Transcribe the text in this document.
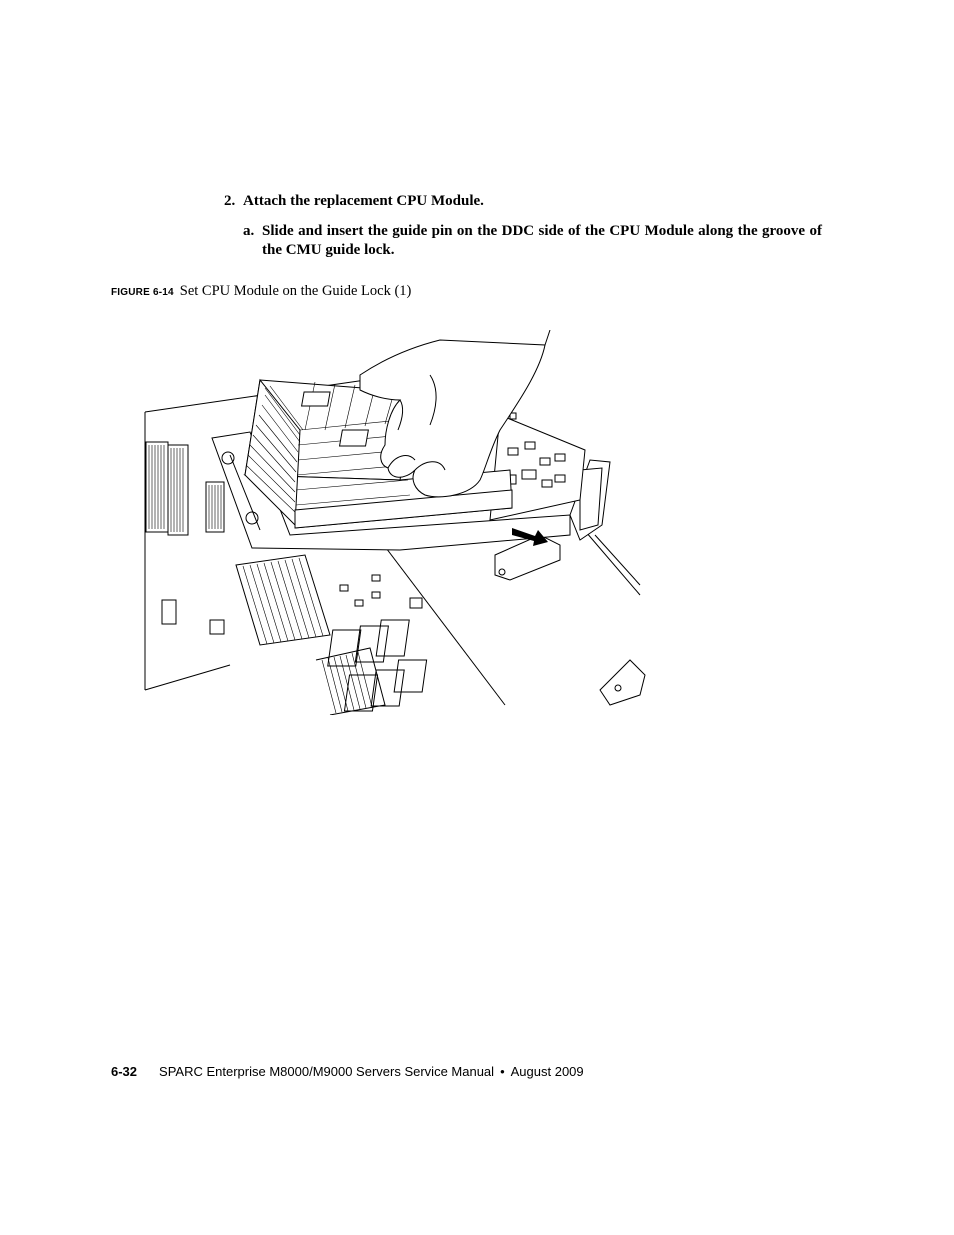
2. Attach the replacement CPU Module.
a. Slide and insert the guide pin on the DDC side of the CPU Module along the groove of the CMU guide lock.
FIGURE 6-14 Set CPU Module on the Guide Lock (1)
6-32 SPARC Enterprise M8000/M9000 Servers Service Manual • August 2009
